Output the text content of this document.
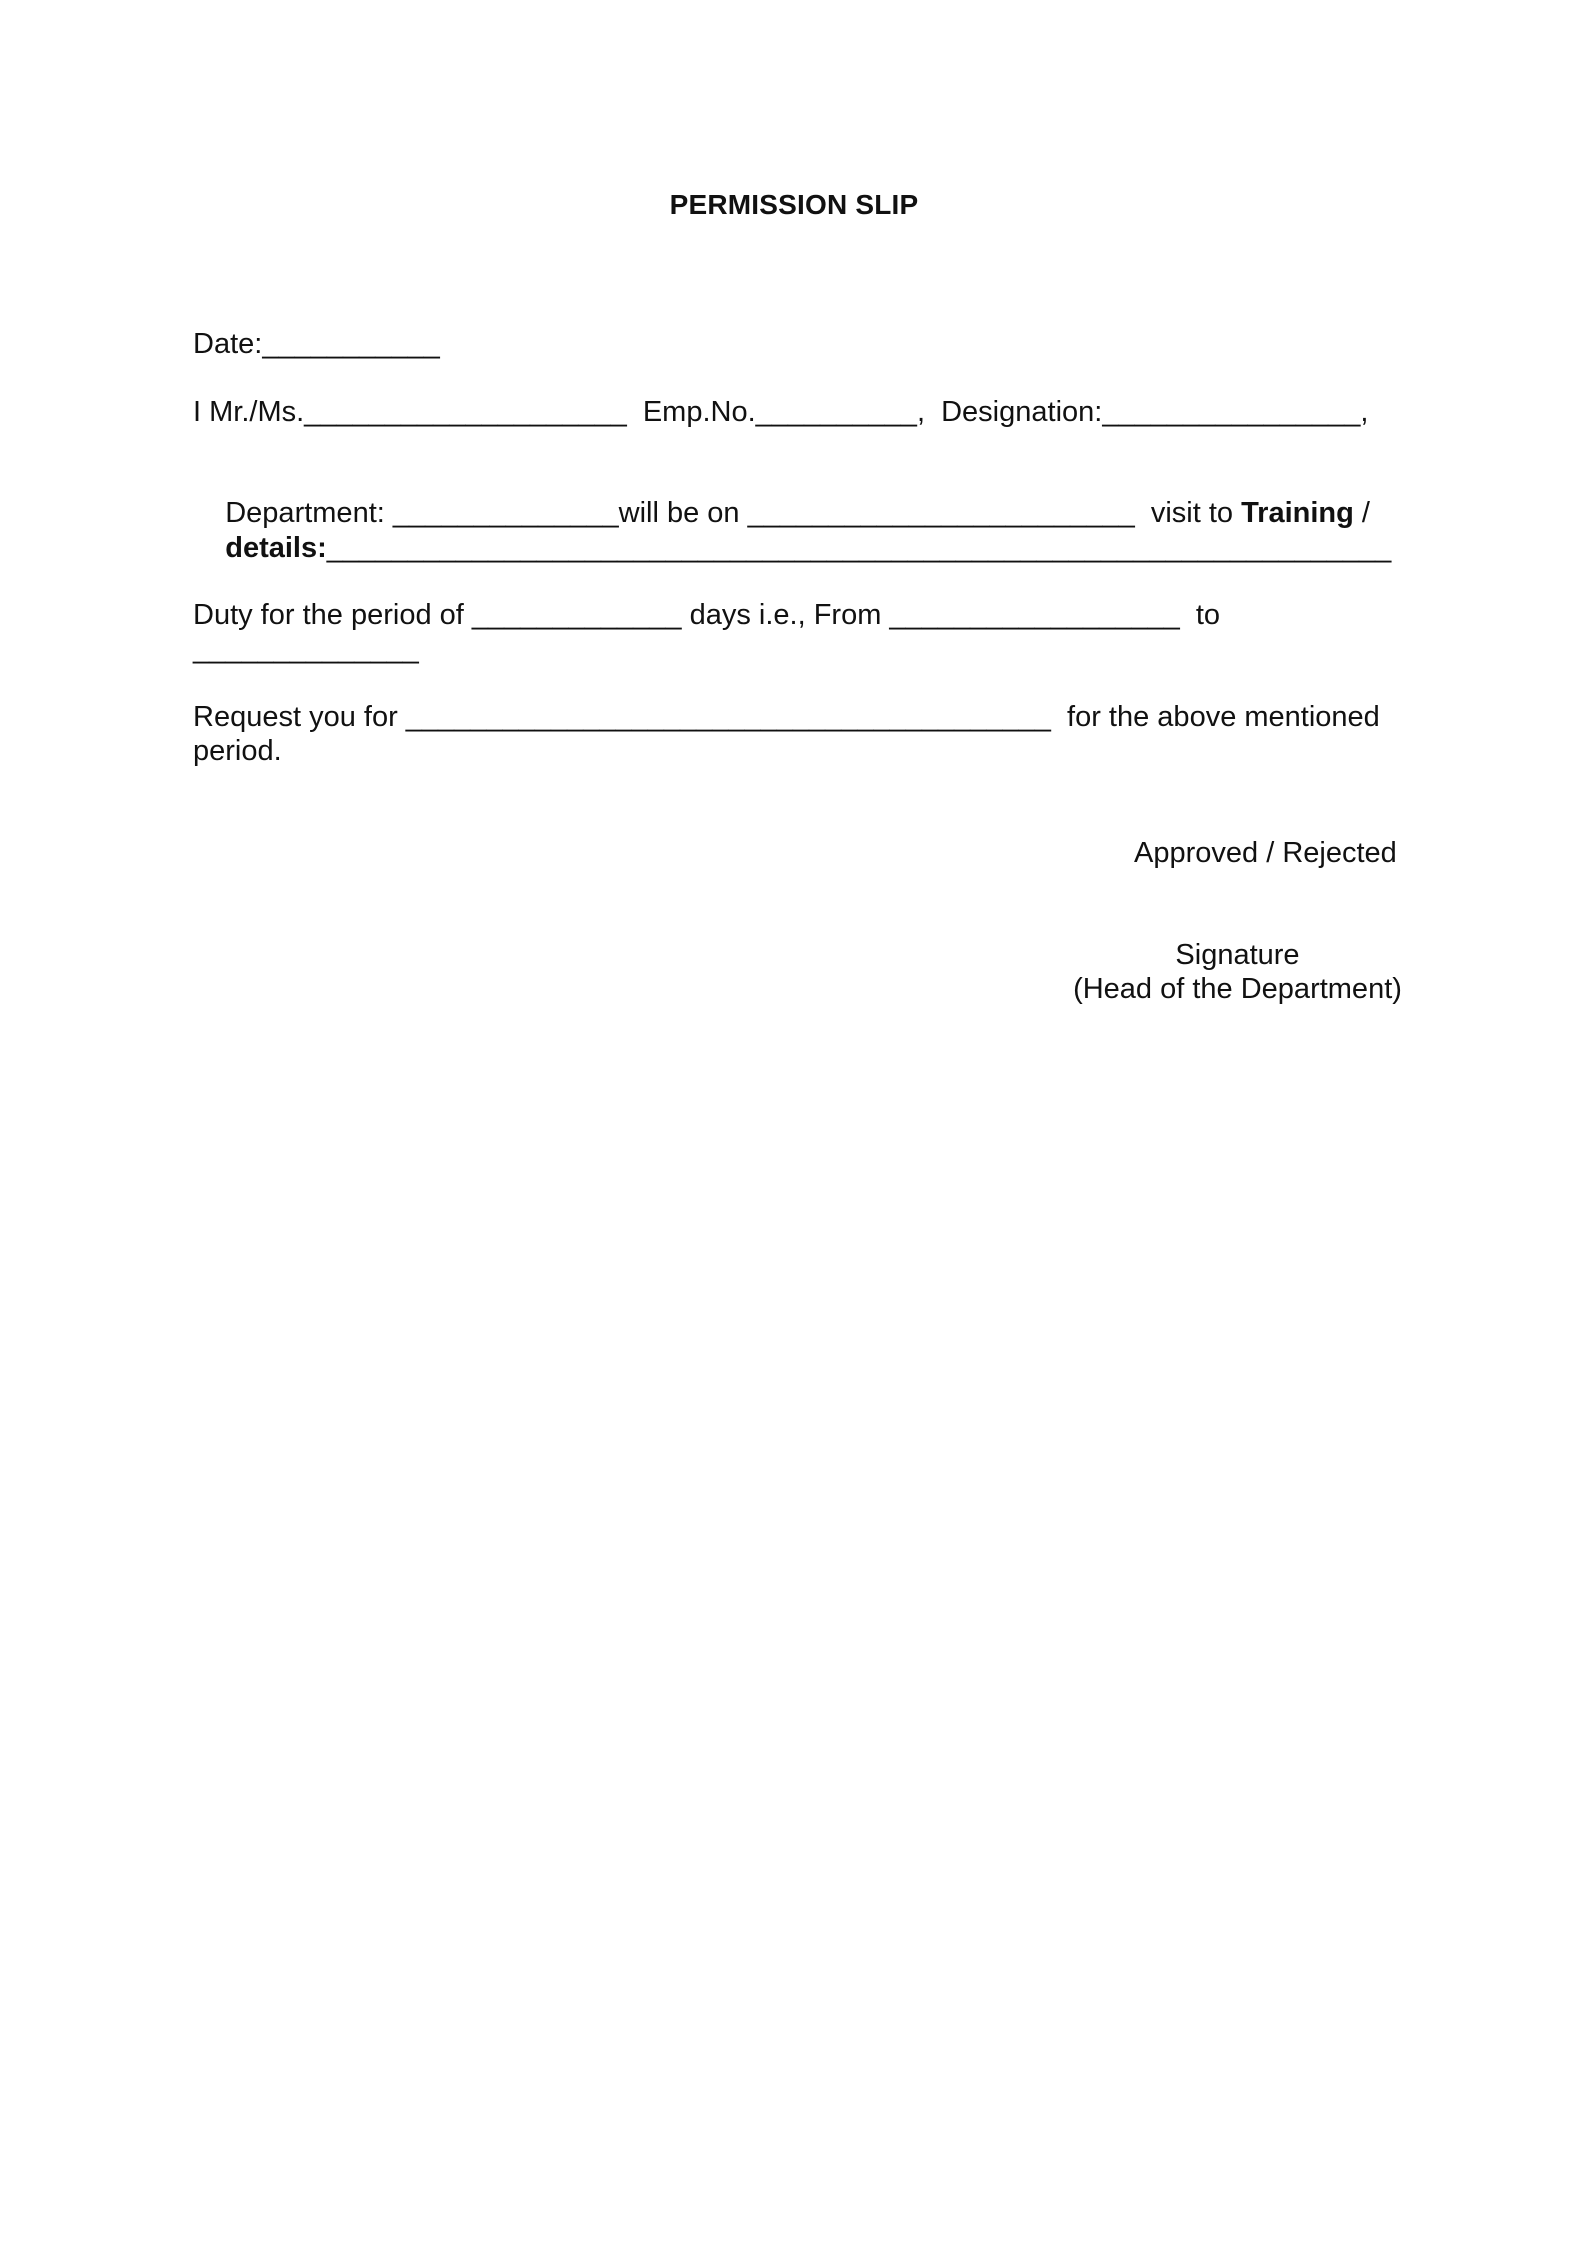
PERMISSION SLIP
Date:___________
I Mr./Ms.____________________  Emp.No.__________,  Designation:________________,

Department: ______________will be on ________________________  visit to Training /

details:__________________________________________________________________

Duty for the period of _____________ days i.e., From __________________  to
______________
Request you for ________________________________________  for the above mentioned
period.
Approved / Rejected
Signature
(Head of the Department)
